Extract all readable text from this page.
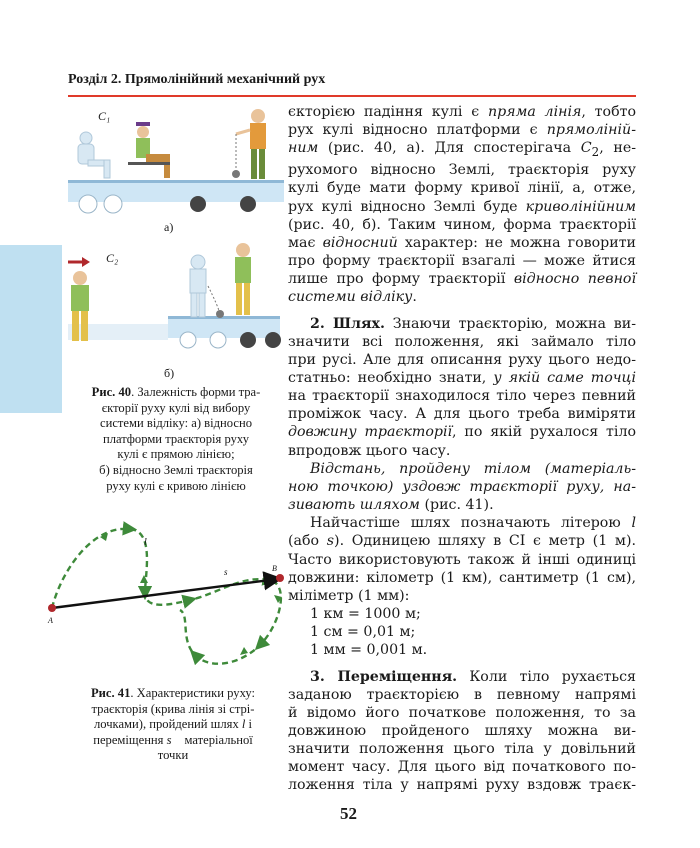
Розділ 2. Прямолінійний механічний рух
C₁
а)
C₂
б)
Рис. 40. Залежність форми тра-
єкторії руху кулі від вибору
системи відліку: а) відносно
платформи траєкторія руху
кулі є прямою лінією;
б) відносно Землі траєкторія
руху кулі є кривою лінією
A
B
l
s⃗
Рис. 41. Характеристики руху:
траєкторія (крива лінія зі стрі-
лочками), пройдений шлях l і
переміщення s⃗ матеріальної
точки

єкторією падіння кулі є пряма лінія, тобто

рух кулі відносно платформи є прямолінiй-

ним (рис. 40, а). Для спостерігача $C_2$, не-

рухомого відносно Землі, траєкторія руху

кулі буде мати форму кривої лінії, а, отже,

рух кулі відносно Землі буде криволінійним

(рис. 40, б). Таким чином, форма траєкторії

має відносний характер: не можна говорити

про форму траєкторії взагалі — може йтися

лише про форму траєкторії відносно певної

системи відліку.

2. Шлях. Знаючи траєкторію, можна ви-

значити всі положення, які займало тіло

при русі. Але для описання руху цього недо-

статньо: необхідно знати, у якій саме точці

на траєкторії знаходилося тіло через певний

проміжок часу. А для цього треба виміряти

довжину траєкторії, по якій рухалося тіло

впродовж цього часу.

Відстань, пройдену тілом (матеріаль-

ною точкою) уздовж траєкторії руху, на-

зивають шляхом (рис. 41).

Найчастіше шлях позначають літерою l

(або s). Одиницею шляху в СІ є метр (1 м).

Часто використовують також й інші одиниці

довжини: кілометр (1 км), сантиметр (1 см),

міліметр (1 мм):

1 км = 1000 м;

1 см = 0,01 м;

1 мм = 0,001 м.

3. Переміщення. Коли тіло рухається

заданою траєкторією в певному напрямі

й відомо його початкове положення, то за

довжиною пройденого шляху можна ви-

значити положення цього тіла у довільний

момент часу. Для цього від початкового по-

ложення тіла у напрямі руху вздовж траєк-

52
